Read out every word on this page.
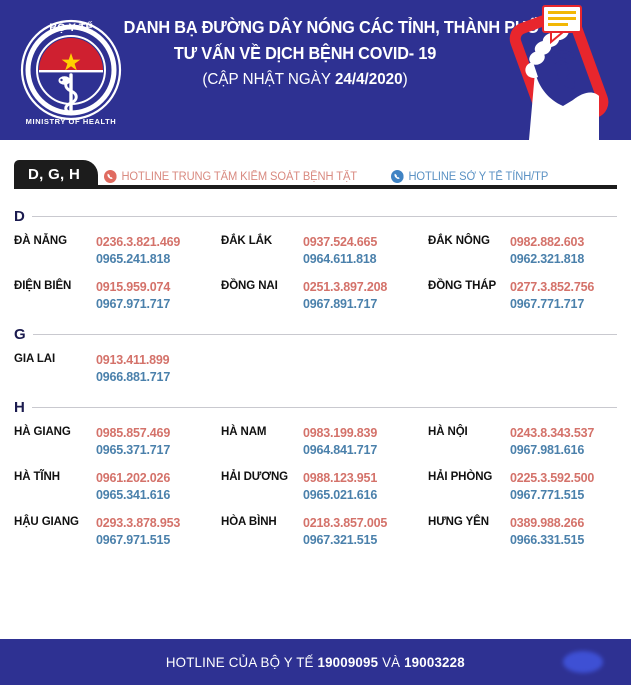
BỘ Y TẾ
MINISTRY OF HEALTH
DANH BẠ ĐƯỜNG DÂY NÓNG CÁC TỈNH, THÀNH PHỐ
TƯ VẤN VỀ DỊCH BỆNH COVID- 19
(CẬP NHẬT NGÀY 24/4/2020)
D, G, H	HOTLINE TRUNG TÂM KIỂM SOÁT BỆNH TẬT	HOTLINE SỞ Y TẾ TỈNH/TP
D
ĐÀ NẴNG	0236.3.821.469
0965.241.818
ĐẮK LẮK	0937.524.665
0964.611.818
ĐẮK NÔNG	0982.882.603
0962.321.818
ĐIỆN BIÊN	0915.959.074
0967.971.717
ĐỒNG NAI	0251.3.897.208
0967.891.717
ĐỒNG THÁP	0277.3.852.756
0967.771.717
G
GIA LAI	0913.411.899
0966.881.717
H
HÀ GIANG	0985.857.469
0965.371.717
HÀ NAM	0983.199.839
0964.841.717
HÀ NỘI	0243.8.343.537
0967.981.616
HÀ TĨNH	0961.202.026
0965.341.616
HẢI DƯƠNG	0988.123.951
0965.021.616
HẢI PHÒNG	0225.3.592.500
0967.771.515
HẬU GIANG	0293.3.878.953
0967.971.515
HÒA BÌNH	0218.3.857.005
0967.321.515
HƯNG YÊN	0389.988.266
0966.331.515
HOTLINE CỦA BỘ Y TẾ 19009095 VÀ 19003228
